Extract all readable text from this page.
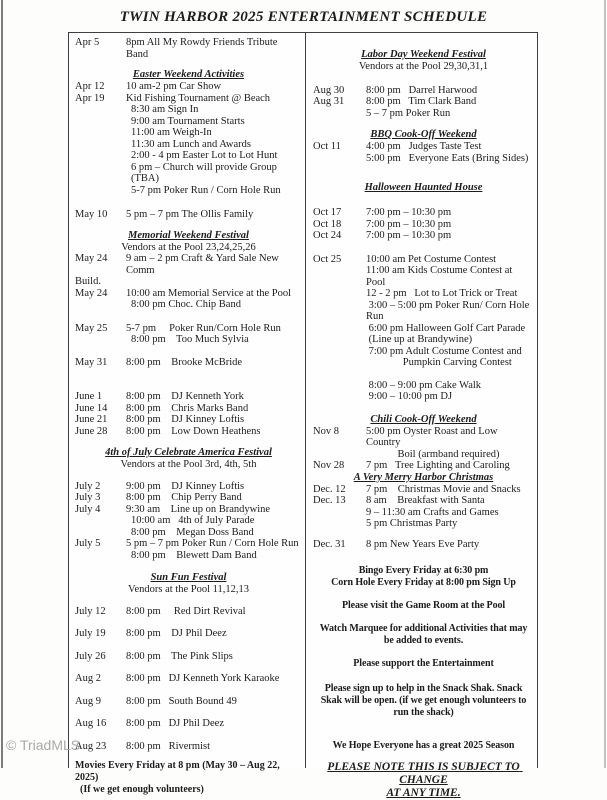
TWIN HARBOR 2025 ENTERTAINMENT SCHEDULE
Apr 5	8pm All My Rowdy Friends Tribute Band
Easter Weekend Activities
Apr 12	10 am-2 pm Car Show
Apr 19	Kid Fishing Tournament @ Beach
8:30 am Sign In
9:00 am Tournament Starts
11:00 am Weigh-In
11:30 am Lunch and Awards
2:00 - 4 pm Easter Lot to Lot Hunt
6 pm – Church will provide Group (TBA)
5-7 pm Poker Run / Corn Hole Run
May 10	5 pm – 7 pm The Ollis Family
Memorial Weekend Festival
Vendors at the Pool 23,24,25,26
May 24	9 am – 2 pm Craft & Yard Sale New Comm
Build.
May 24	10:00 am Memorial Service at the Pool
8:00 pm Choc. Chip Band
May 25	5-7 pm     Poker Run/Corn Hole Run
8:00 pm    Too Much Sylvia
May 31	8:00 pm    Brooke McBride
June 1	8:00 pm    DJ Kenneth York
June 14	8:00 pm    Chris Marks Band
June 21	8:00 pm    DJ Kinney Loftis
June 28	8:00 pm    Low Down Heathens
4th of July Celebrate America Festival
Vendors at the Pool 3rd, 4th, 5th
July 2	9:00 pm    DJ Kinney Loftis
July 3	8:00 pm    Chip Perry Band
July 4	9:30 am    Line up on Brandywine
10:00 am   4th of July Parade
8:00 pm    Megan Doss Band
July 5	5 pm – 7 pm Poker Run / Corn Hole Run
8:00 pm    Blewett Dam Band
Sun Fun Festival
Vendors at the Pool 11,12,13
July 12	8:00 pm     Red Dirt Revival
July 19	8:00 pm    DJ Phil Deez
July 26	8:00 pm    The Pink Slips
Aug 2	8:00 pm   DJ Kenneth York Karaoke
Aug 9	8:00 pm   South Bound 49
Aug 16	8:00 pm   DJ Phil Deez
Aug 23	8:00 pm   Rivermist
Movies Every Friday at 8 pm (May 30 – Aug 22, 2025)
(If we get enough volunteers)
Labor Day Weekend Festival
Vendors at the Pool 29,30,31,1
Aug 30	8:00 pm   Darrel Harwood
Aug 31	8:00 pm   Tim Clark Band
5 – 7 pm Poker Run
BBQ Cook-Off Weekend
Oct 11	4:00 pm   Judges Taste Test
5:00 pm   Everyone Eats (Bring Sides)
Halloween Haunted House
Oct 17	7:00 pm – 10:30 pm
Oct 18	7:00 pm – 10:30 pm
Oct 24	7:00 pm – 10:30 pm
Oct 25	10:00 am Pet Costume Contest
11:00 am Kids Costume Contest at Pool
12 - 2 pm   Lot to Lot Trick or Treat
3:00 – 5:00 pm Poker Run/ Corn Hole Run
6:00 pm Halloween Golf Cart Parade
(Line up at Brandywine)
7:00 pm Adult Costume Contest and
Pumpkin Carving Contest
8:00 – 9:00 pm Cake Walk
9:00 – 10:00 pm DJ
Chili Cook-Off Weekend
Nov 8	5:00 pm Oyster Roast and Low Country
Boil (armband required)
Nov 28	7 pm   Tree Lighting and Caroling
A Very Merry Harbor Christmas
Dec. 12	7 pm    Christmas Movie and Snacks
Dec. 13	8 am    Breakfast with Santa
9 – 11:30 am Crafts and Games
5 pm Christmas Party
Dec. 31	8 pm New Years Eve Party
Bingo Every Friday at 6:30 pm
Corn Hole Every Friday at 8:00 pm Sign Up
Please visit the Game Room at the Pool
Watch Marquee for additional Activities that may
be added to events.
Please support the Entertainment
Please sign up to help in the Snack Shak. Snack
Skak will be open. (if we get enough volunteers to
run the shack)
We Hope Everyone has a great 2025 Season
PLEASE NOTE THIS IS SUBJECT TO CHANGE
AT ANY TIME.
© TriadMLS
